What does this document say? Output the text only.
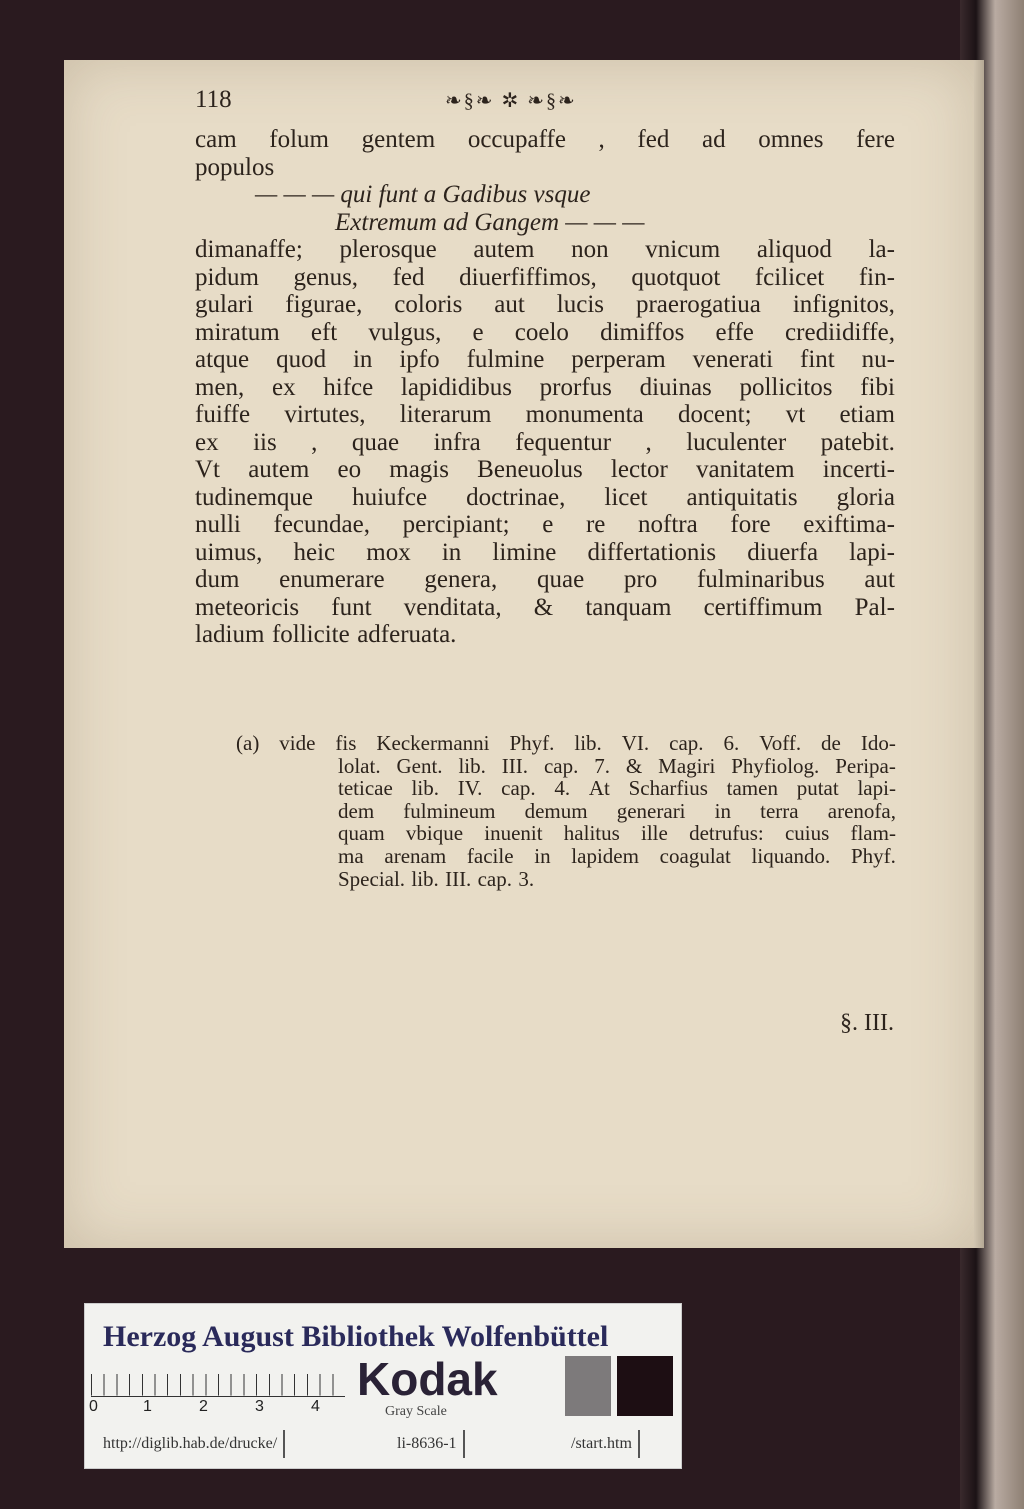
118	❧§❧ ✲ ❧§❧
cam folum gentem occupaffe , fed ad omnes fere
populos
— — — qui funt a Gadibus vsque
Extremum ad Gangem — — —
dimanaffe; plerosque autem non vnicum aliquod la-
pidum genus, fed diuerfiffimos, quotquot fcilicet fin-
gulari figurae, coloris aut lucis praerogatiua infignitos,
miratum eft vulgus, e coelo dimiffos effe crediidiffe,
atque quod in ipfo fulmine perperam venerati fint nu-
men, ex hifce lapididibus prorfus diuinas pollicitos fibi
fuiffe virtutes, literarum monumenta docent; vt etiam
ex iis , quae infra fequentur , luculenter patebit.
Vt autem eo magis Beneuolus lector vanitatem incerti-
tudinemque huiufce doctrinae, licet antiquitatis gloria
nulli fecundae, percipiant; e re noftra fore exiftima-
uimus, heic mox in limine differtationis diuerfa lapi-
dum enumerare genera, quae pro fulminaribus aut
meteoricis funt venditata, & tanquam certiffimum Pal-
ladium follicite adferuata.
(a) vide fis Keckermanni Phyf. lib. VI. cap. 6. Voff. de Ido-
lolat. Gent. lib. III. cap. 7. & Magiri Phyfiolog. Peripa-
teticae lib. IV. cap. 4. At Scharfius tamen putat lapi-
dem fulmineum demum generari in terra arenofa,
quam vbique inuenit halitus ille detrufus: cuius flam-
ma arenam facile in lapidem coagulat liquando. Phyf.
Special. lib. III. cap. 3.
§. III.
Herzog August Bibliothek Wolfenbüttel
0	1	2	3	4
Kodak
Gray Scale
http://diglib.hab.de/drucke/	li-8636-1	/start.htm
